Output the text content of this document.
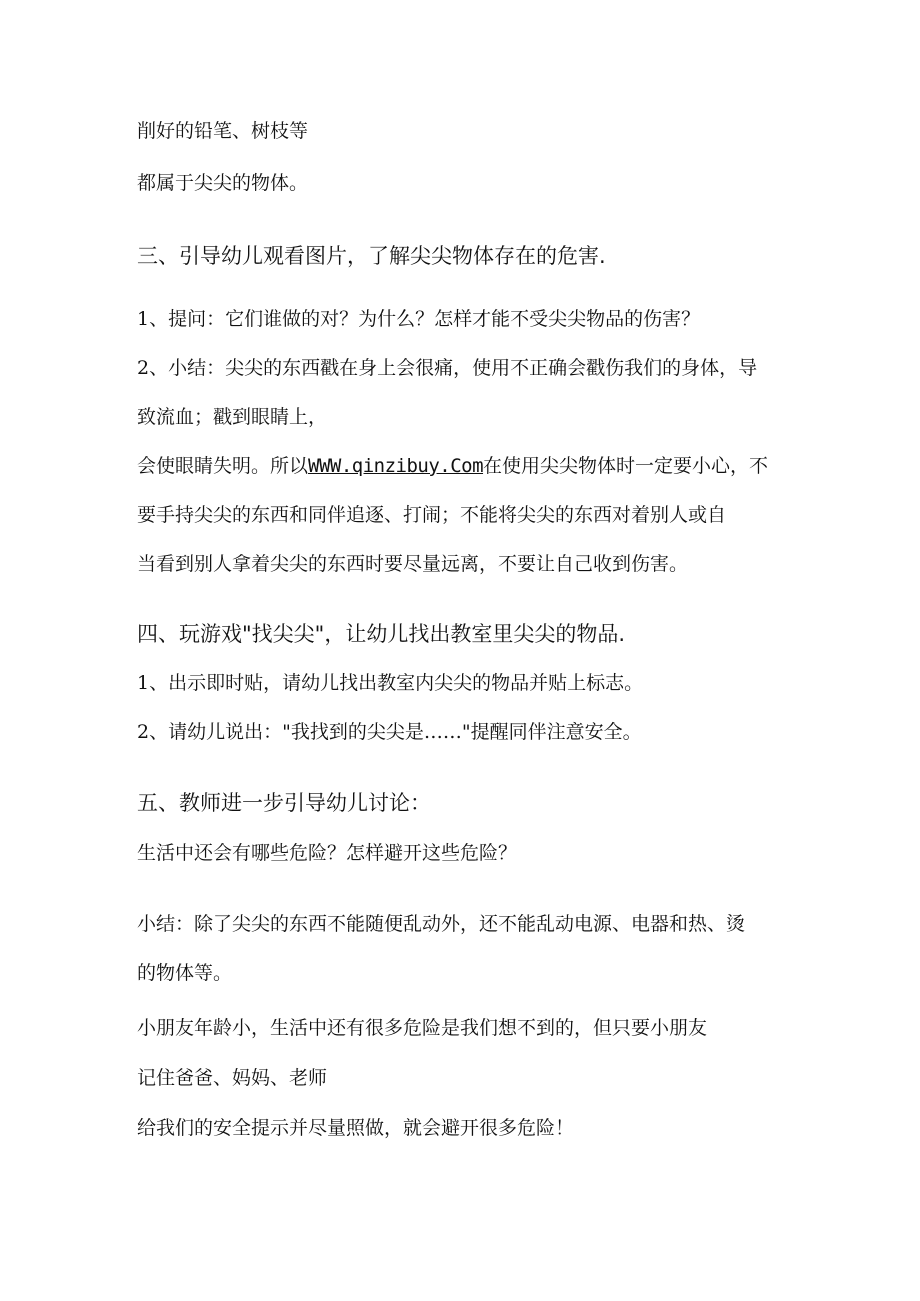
削好的铅笔、树枝等
都属于尖尖的物体。
三、引导幼儿观看图片，了解尖尖物体存在的危害.
1、提问：它们谁做的对？为什么？怎样才能不受尖尖物品的伤害？
2、小结：尖尖的东西戳在身上会很痛，使用不正确会戳伤我们的身体，导
致流血；戳到眼睛上，
会使眼睛失明。所以WWW.qinzibuy.Com在使用尖尖物体时一定要小心，不
要手持尖尖的东西和同伴追逐、打闹；不能将尖尖的东西对着别人或自
当看到别人拿着尖尖的东西时要尽量远离，不要让自己收到伤害。
四、玩游戏"找尖尖"，让幼儿找出教室里尖尖的物品.
1、出示即时贴，请幼儿找出教室内尖尖的物品并贴上标志。
2、请幼儿说出："我找到的尖尖是……"提醒同伴注意安全。
五、教师进一步引导幼儿讨论：
生活中还会有哪些危险？怎样避开这些危险？
小结：除了尖尖的东西不能随便乱动外，还不能乱动电源、电器和热、烫
的物体等。
小朋友年龄小，生活中还有很多危险是我们想不到的，但只要小朋友
记住爸爸、妈妈、老师
给我们的安全提示并尽量照做，就会避开很多危险！
